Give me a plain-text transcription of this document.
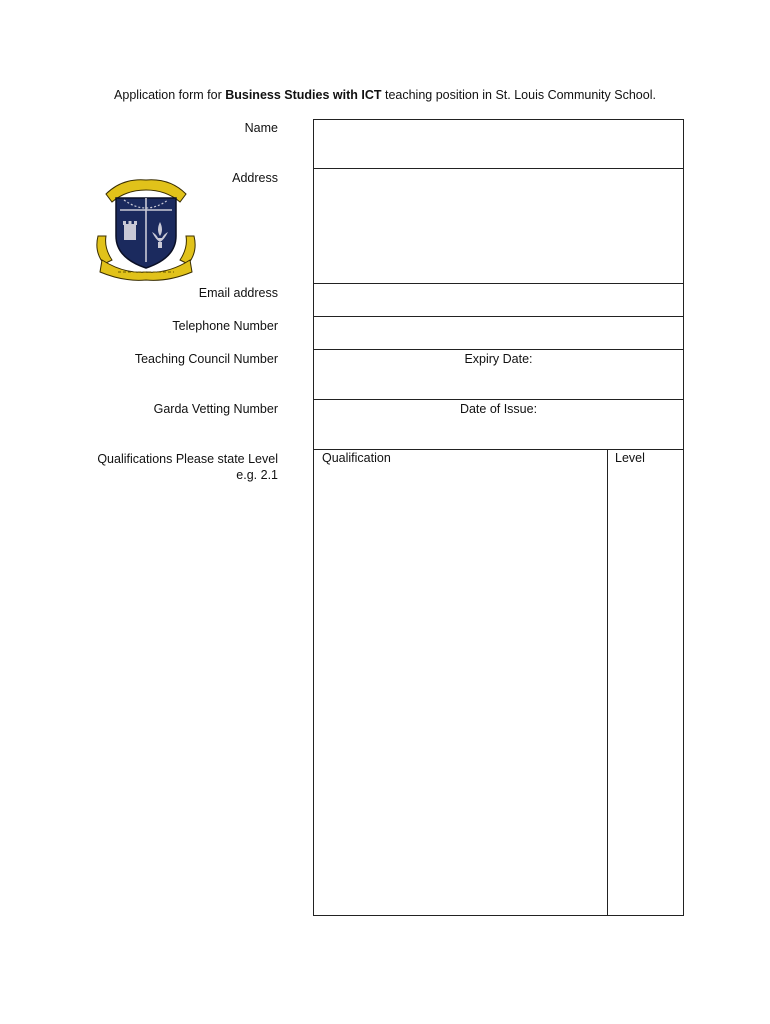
Application form for Business Studies with ICT teaching position in St. Louis Community School.
Name
Address
Email address
Telephone Number
Teaching Council Number
Garda Vetting Number
Qualifications Please state Level
e.g. 2.1
Expiry Date:
Date of Issue:
Qualification	Level
